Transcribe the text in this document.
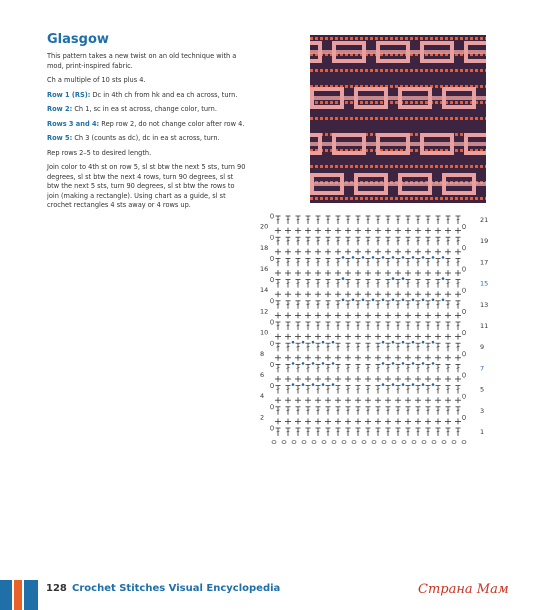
Glasgow

This pattern takes a new twist on an old technique with a mod, print-inspired fabric.

Ch a multiple of 10 sts plus 4.

Row 1 (RS): Dc in 4th ch from hk and ea ch across, turn.

Row 2: Ch 1, sc in ea st across, change color, turn.

Rows 3 and 4: Rep row 2, do not change color after row 4.

Row 5: Ch 3 (counts as dc), dc in ea st across, turn.

Rep rows 2–5 to desired length.

Join color to 4th st on row 5, sl st btw the next 5 sts, turn 90 degrees, sl st btw the next 4 rows, turn 90 degrees, sl st btw the next 5 sts, turn 90 degrees, sl st btw the rows to join (making a rectangle). Using chart as a guide, sl st crochet rectangles 4 sts away or 4 rows up.

21
19
17
15
13
11
9
7
5
3
1
20
18
16
14
12
10
8
6
4
2
128 Crochet Stitches Visual Encyclopedia	Страна Мам
